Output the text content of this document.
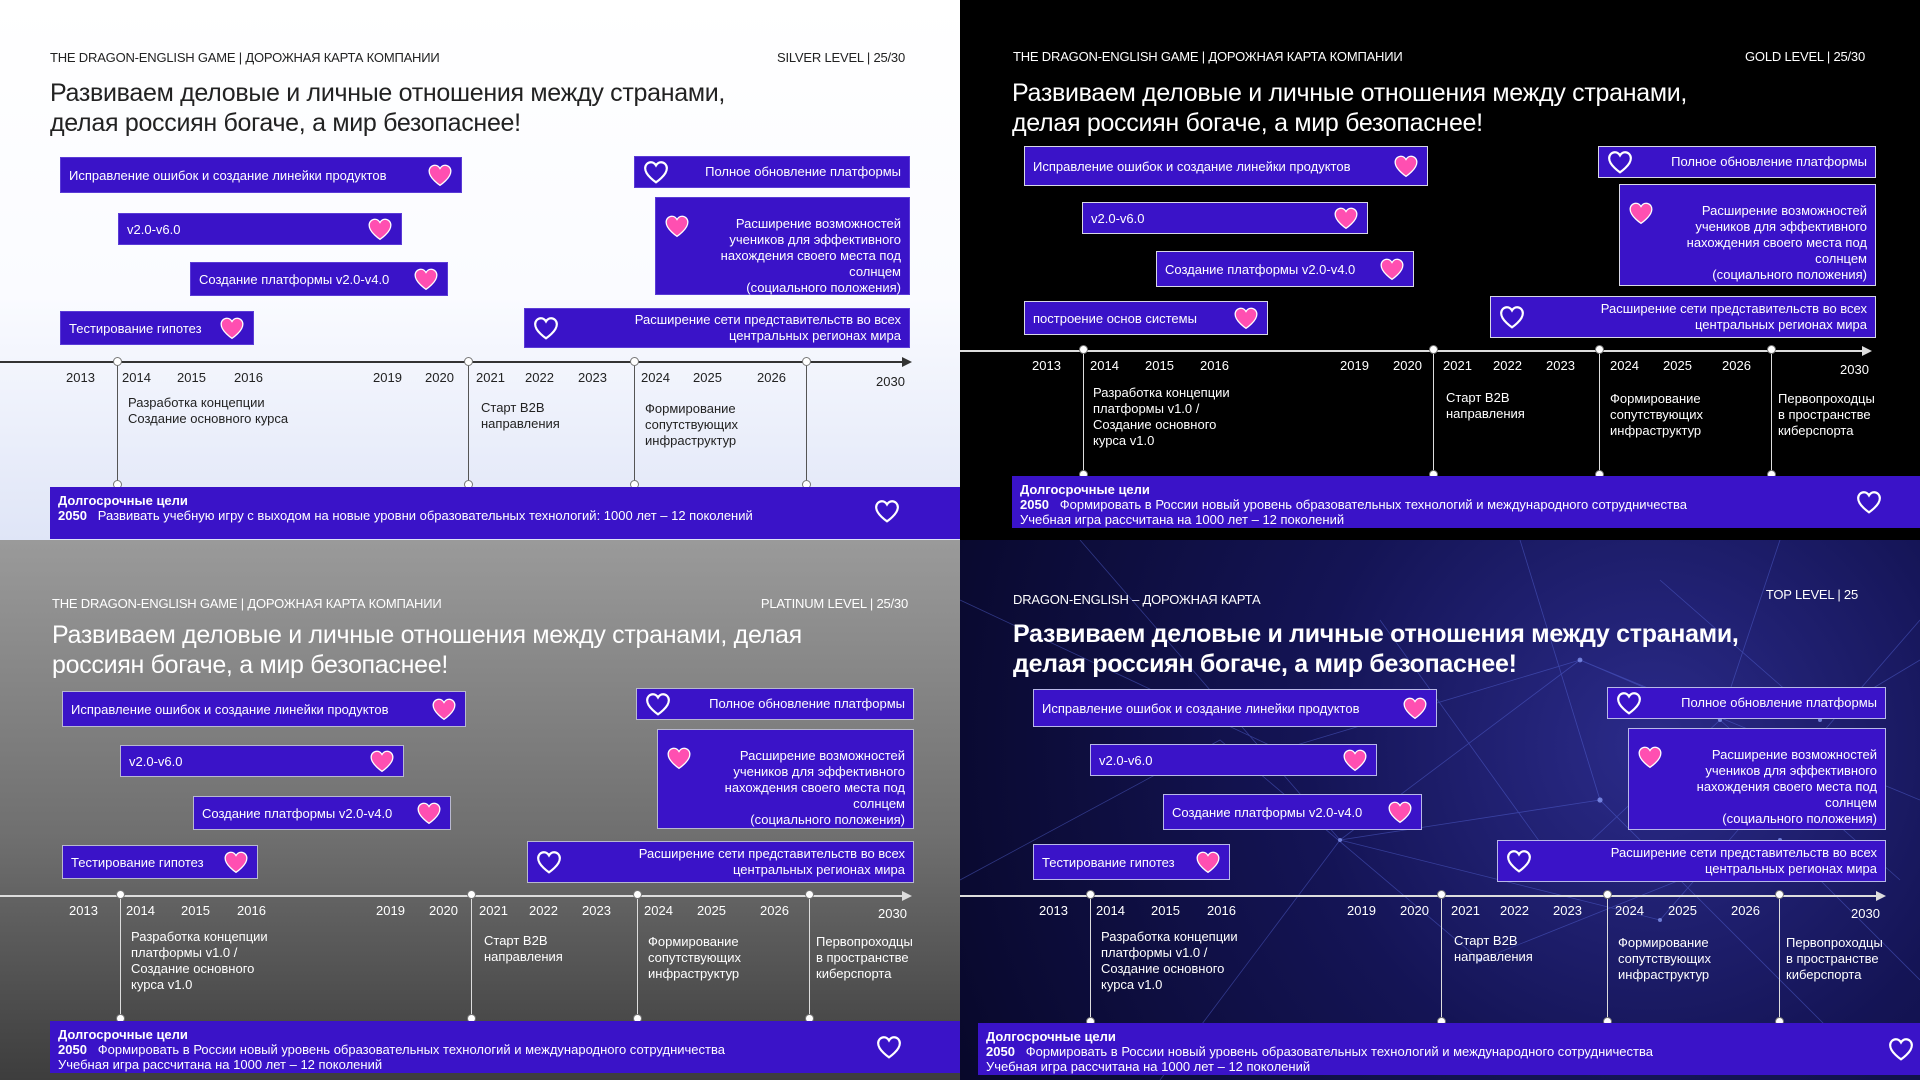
THE DRAGON-ENGLISH GAME | ДОРОЖНАЯ КАРТА КОМПАНИИ	SILVER LEVEL | 25/30
Развиваем деловые и личные отношения между странами,
делая россиян богаче, а мир безопаснее!
Исправление ошибок и создание линейки продуктов
v2.0-v6.0
Создание платформы v2.0-v4.0
Тестирование гипотез
Полное обновление платформы
Расширение возможностей
учеников для эффективного
нахождения своего места под солнцем
(социального положения)
Расширение сети представительств во всех
центральных регионах мира
Разработка концепции
Создание основного курса
Старт B2B
направления
Формирование
сопутствующих
инфраструктур
Долгосрочные цели
2050 Развивать учебную игру с выходом на новые уровни образовательных технологий: 1000 лет – 12 поколений
2013 2014 2015 2016	2019 2020 2021 2022 2023	2024 2025	2026	2030
THE DRAGON-ENGLISH GAME | ДОРОЖНАЯ КАРТА КОМПАНИИ	GOLD LEVEL | 25/30
Развиваем деловые и личные отношения между странами,
делая россиян богаче, а мир безопаснее!
Исправление ошибок и создание линейки продуктов
v2.0-v6.0
Создание платформы v2.0-v4.0
построение основ системы
Полное обновление платформы
Расширение возможностей
учеников для эффективного
нахождения своего места под солнцем
(социального положения)
Расширение сети представительств во всех
центральных регионах мира
Разработка концепции
платформы v1.0 /
Создание основного
курса v1.0
Старт B2B
направления
Формирование
сопутствующих
инфраструктур
Первопроходцы
в пространстве
киберспорта
Долгосрочные цели
2050 Формировать в России новый уровень образовательных технологий и международного сотрудничества
Учебная игра рассчитана на 1000 лет – 12 поколений
2013 2014 2015 2016	2019 2020 2021 2022 2023	2024 2025 2026	2030
THE DRAGON-ENGLISH GAME | ДОРОЖНАЯ КАРТА КОМПАНИИ	PLATINUM LEVEL | 25/30
Развиваем деловые и личные отношения между странами, делая
россиян богаче, а мир безопаснее!
Исправление ошибок и создание линейки продуктов
v2.0-v6.0
Создание платформы v2.0-v4.0
Тестирование гипотез
Полное обновление платформы
Расширение возможностей
учеников для эффективного
нахождения своего места под солнцем
(социального положения)
Расширение сети представительств во всех
центральных регионах мира
Разработка концепции
платформы v1.0 /
Создание основного
курса v1.0
Старт B2B
направления
Формирование
сопутствующих
инфраструктур
Первопроходцы
в пространстве
киберспорта
Долгосрочные цели
2050 Формировать в России новый уровень образовательных технологий и международного сотрудничества
Учебная игра рассчитана на 1000 лет – 12 поколений
2013 2014 2015 2016	2019 2020 2021 2022 2023	2024 2025	2026	2030
DRAGON-ENGLISH – ДОРОЖНАЯ КАРТА	TOP LEVEL | 25
Развиваем деловые и личные отношения между странами,
делая россиян богаче, а мир безопаснее!
Исправление ошибок и создание линейки продуктов
v2.0-v6.0
Создание платформы v2.0-v4.0
Тестирование гипотез
Полное обновление платформы
Расширение возможностей
учеников для эффективного
нахождения своего места под солнцем
(социального положения)
Расширение сети представительств во всех
центральных регионах мира
Разработка концепции
платформы v1.0 /
Создание основного
курса v1.0
Старт B2B
направления
Формирование
сопутствующих
инфраструктур
Первопроходцы
в пространстве
киберспорта
Долгосрочные цели
2050 Формировать в России новый уровень образовательных технологий и международного сотрудничества
Учебная игра рассчитана на 1000 лет – 12 поколений
2013 2014 2015 2016	2019 2020 2021 2022 2023	2024 2025	2026	2030
